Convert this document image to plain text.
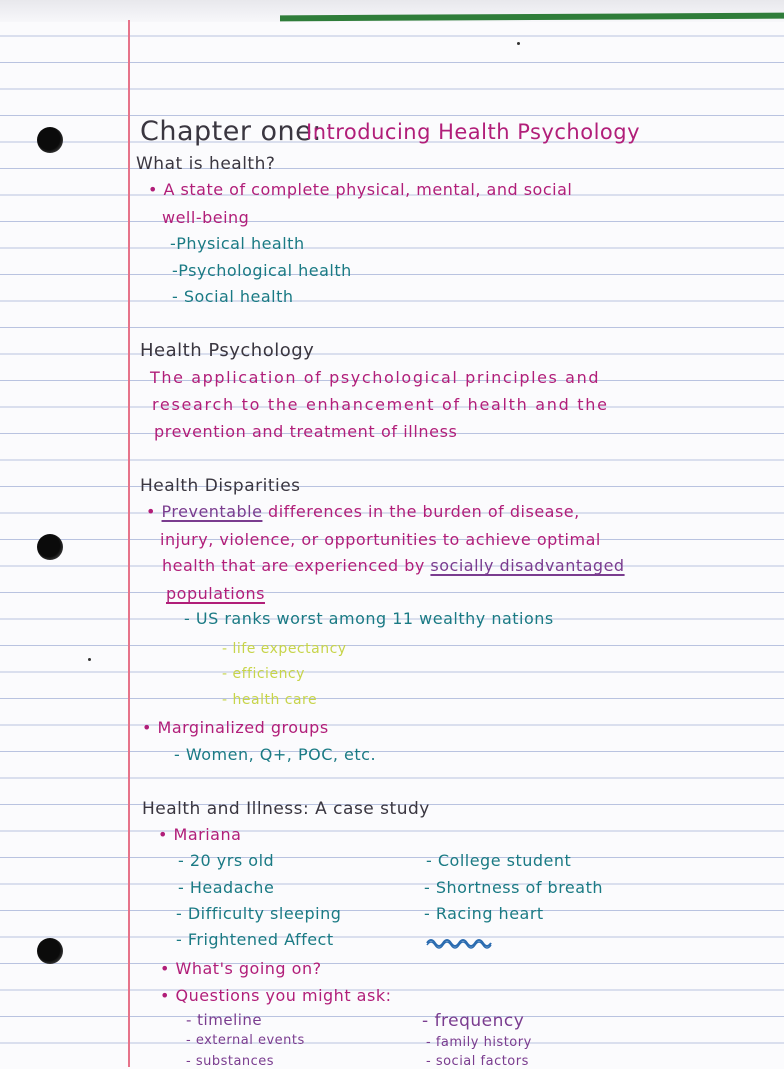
Chapter one:
Introducing Health Psychology
What is health?
• A state of complete physical, mental, and social
well-being
-Physical health
-Psychological health
- Social health
Health Psychology
The application of psychological principles and
research to the enhancement of health and the
prevention and treatment of illness
Health Disparities
• Preventable differences in the burden of disease,
injury, violence, or opportunities to achieve optimal
health that are experienced by socially disadvantaged
populations
- US ranks worst among 11 wealthy nations
- life expectancy
- efficiency
- health care
• Marginalized groups
- Women, Q+, POC, etc.
Health and Illness: A case study
• Mariana
- 20 yrs old
- Headache
- Difficulty sleeping
- Frightened Affect
- College student
- Shortness of breath
- Racing heart
• What's going on?
• Questions you might ask:
- timeline
- external events
- substances
- frequency
- family history
- social factors
